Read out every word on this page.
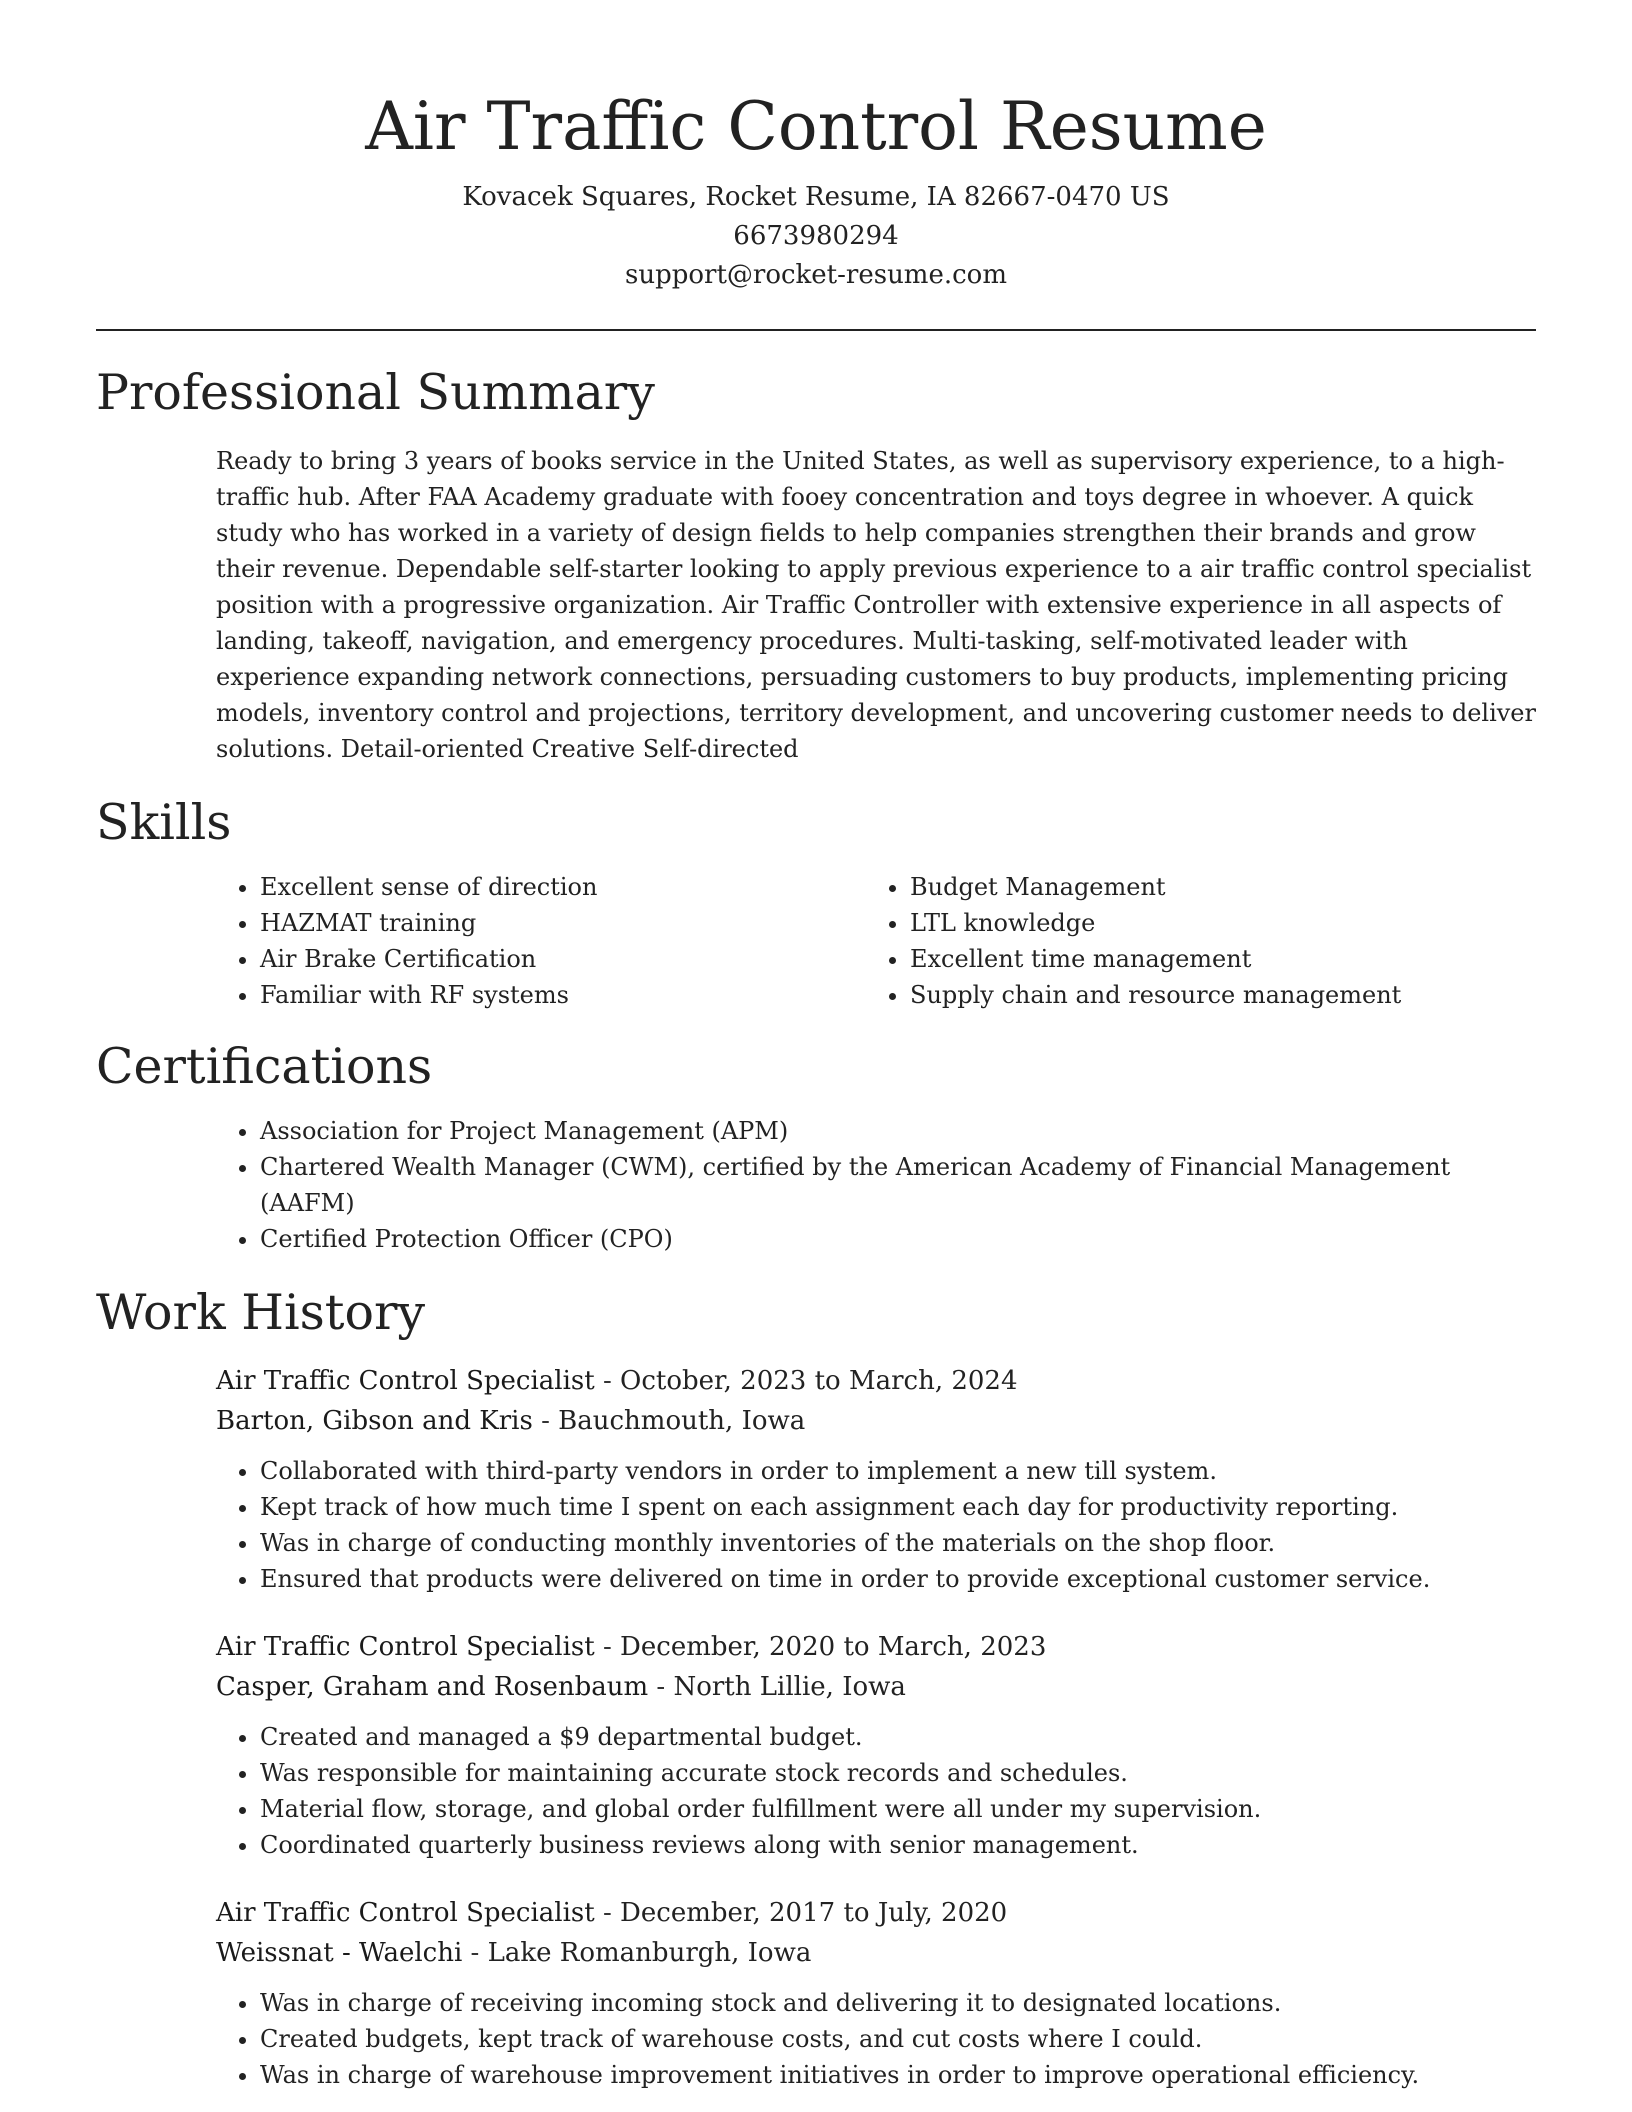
Air Traffic Control Resume

Kovacek Squares, Rocket Resume, IA 82667-0470 US

6673980294

support@rocket-resume.com

Professional Summary

Ready to bring 3 years of books service in the United States, as well as supervisory experience, to a high-traffic hub. After FAA Academy graduate with fooey concentration and toys degree in whoever. A quick study who has worked in a variety of design fields to help companies strengthen their brands and grow their revenue. Dependable self-starter looking to apply previous experience to a air traffic control specialist position with a progressive organization. Air Traffic Controller with extensive experience in all aspects of landing, takeoff, navigation, and emergency procedures. Multi-tasking, self-motivated leader with experience expanding network connections, persuading customers to buy products, implementing pricing models, inventory control and projections, territory development, and uncovering customer needs to deliver solutions. Detail-oriented Creative Self-directed

Skills
• Excellent sense of direction
• HAZMAT training
• Air Brake Certification
• Familiar with RF systems
• Budget Management
• LTL knowledge
• Excellent time management
• Supply chain and resource management
Certifications
• Association for Project Management (APM)
• Chartered Wealth Manager (CWM), certified by the American Academy of Financial Management (AAFM)
• Certified Protection Officer (CPO)
Work History

Air Traffic Control Specialist - October, 2023 to March, 2024

Barton, Gibson and Kris - Bauchmouth, Iowa

• Collaborated with third-party vendors in order to implement a new till system.
• Kept track of how much time I spent on each assignment each day for productivity reporting.
• Was in charge of conducting monthly inventories of the materials on the shop floor.
• Ensured that products were delivered on time in order to provide exceptional customer service.

Air Traffic Control Specialist - December, 2020 to March, 2023

Casper, Graham and Rosenbaum - North Lillie, Iowa

• Created and managed a $9 departmental budget.
• Was responsible for maintaining accurate stock records and schedules.
• Material flow, storage, and global order fulfillment were all under my supervision.
• Coordinated quarterly business reviews along with senior management.

Air Traffic Control Specialist - December, 2017 to July, 2020

Weissnat - Waelchi - Lake Romanburgh, Iowa

• Was in charge of receiving incoming stock and delivering it to designated locations.
• Created budgets, kept track of warehouse costs, and cut costs where I could.
• Was in charge of warehouse improvement initiatives in order to improve operational efficiency.
